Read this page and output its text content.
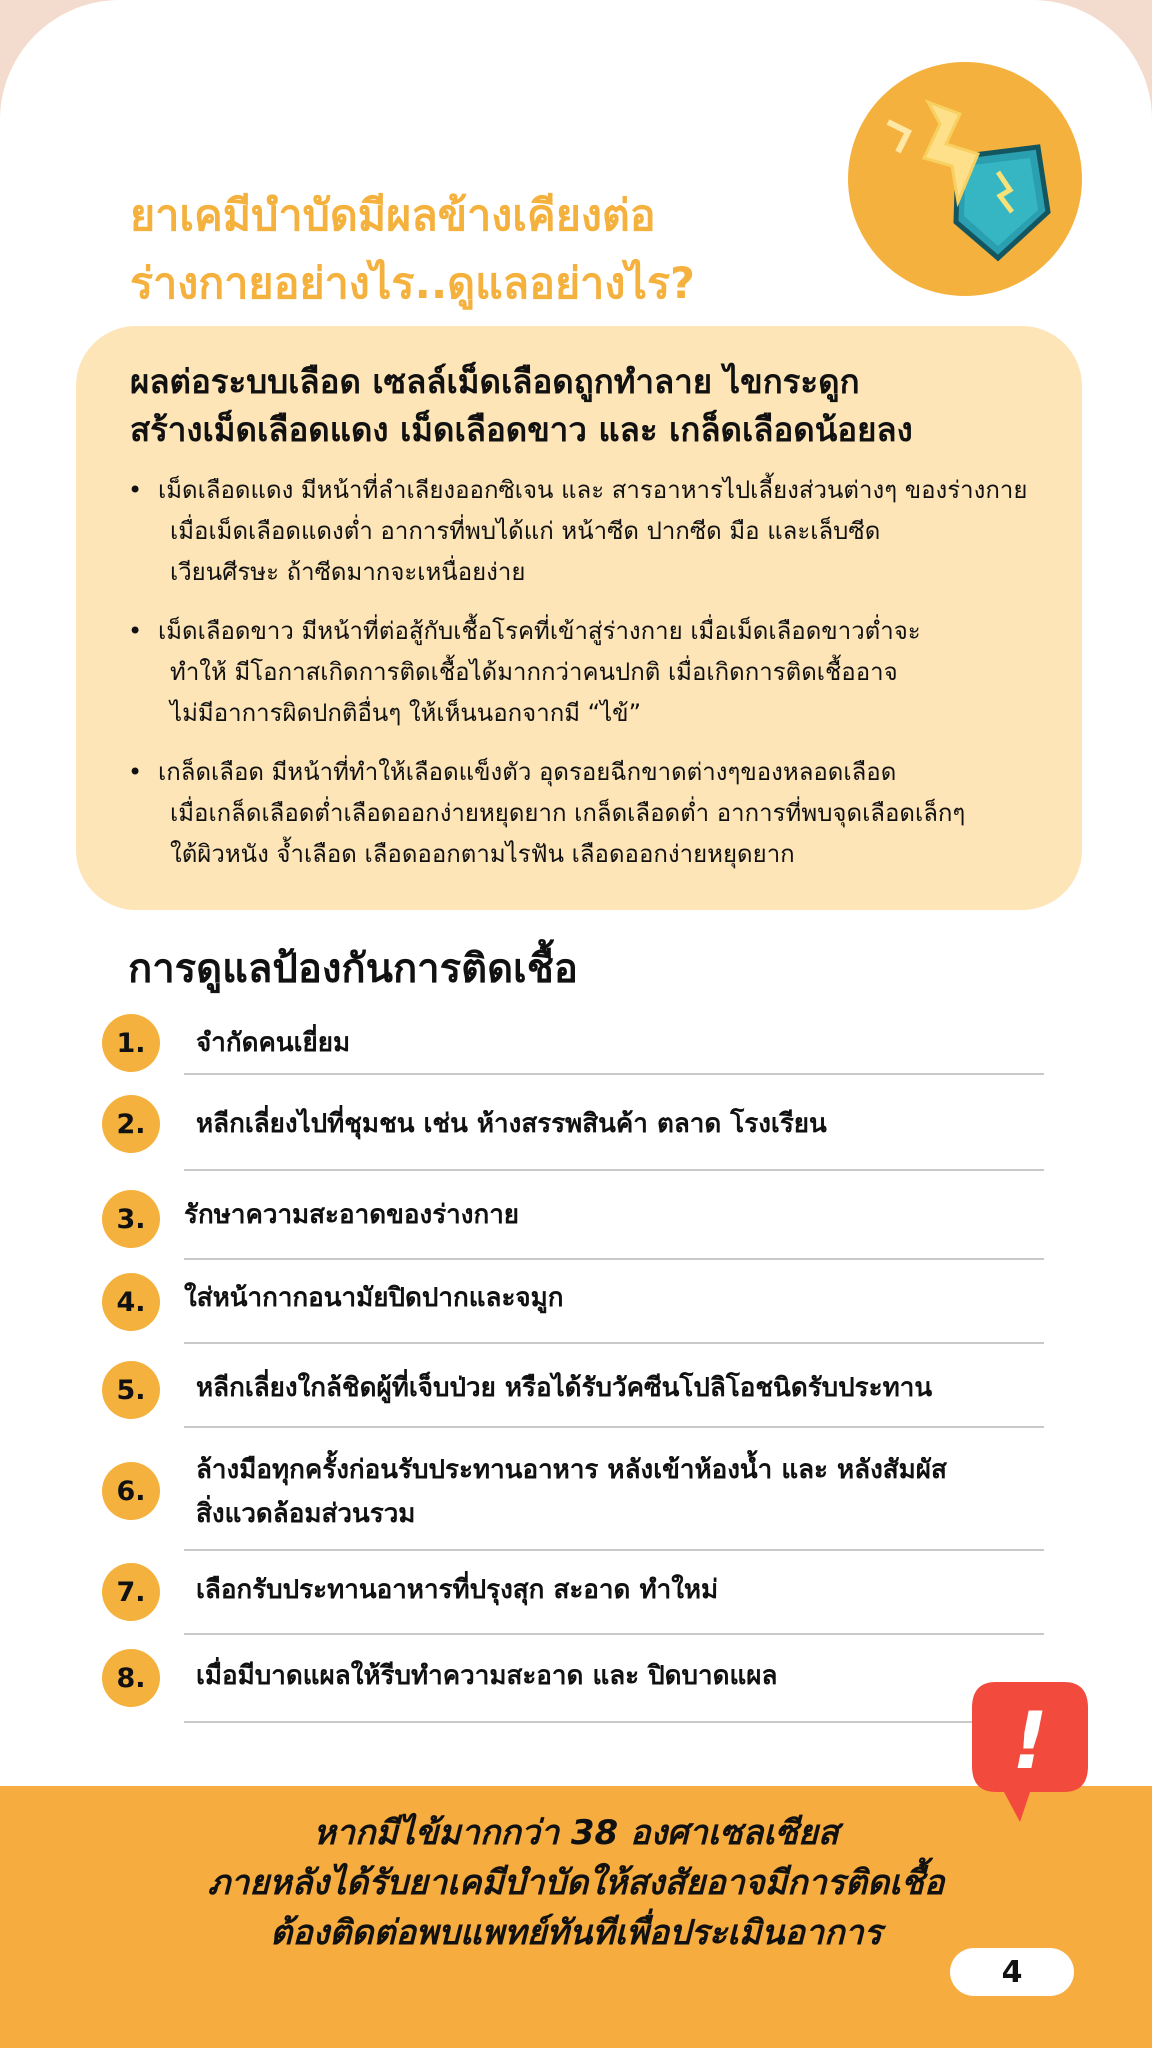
ยาเคมีบำบัดมีผลข้างเคียงต่อ
ร่างกายอย่างไร..ดูแลอย่างไร?
ผลต่อระบบเลือด เซลล์เม็ดเลือดถูกทำลาย ไขกระดูก
สร้างเม็ดเลือดแดง เม็ดเลือดขาว และ เกล็ดเลือดน้อยลง
• เม็ดเลือดแดง มีหน้าที่ลำเลียงออกซิเจน และ สารอาหารไปเลี้ยงส่วนต่างๆ ของร่างกาย
เมื่อเม็ดเลือดแดงต่ำ อาการที่พบได้แก่ หน้าซีด ปากซีด มือ และเล็บซีด
เวียนศีรษะ ถ้าซีดมากจะเหนื่อยง่าย
• เม็ดเลือดขาว มีหน้าที่ต่อสู้กับเชื้อโรคที่เข้าสู่ร่างกาย เมื่อเม็ดเลือดขาวต่ำจะ
ทำให้ มีโอกาสเกิดการติดเชื้อได้มากกว่าคนปกติ เมื่อเกิดการติดเชื้ออาจ
ไม่มีอาการผิดปกติอื่นๆ ให้เห็นนอกจากมี “ไข้”
• เกล็ดเลือด มีหน้าที่ทำให้เลือดแข็งตัว อุดรอยฉีกขาดต่างๆของหลอดเลือด
เมื่อเกล็ดเลือดต่ำเลือดออกง่ายหยุดยาก เกล็ดเลือดต่ำ อาการที่พบจุดเลือดเล็กๆ
ใต้ผิวหนัง จ้ำเลือด เลือดออกตามไรฟัน เลือดออกง่ายหยุดยาก
การดูแลป้องกันการติดเชื้อ
1.	จำกัดคนเยี่ยม
2.	หลีกเลี่ยงไปที่ชุมชน เช่น ห้างสรรพสินค้า ตลาด โรงเรียน
3.	รักษาความสะอาดของร่างกาย
4.	ใส่หน้ากากอนามัยปิดปากและจมูก
5.	หลีกเลี่ยงใกล้ชิดผู้ที่เจ็บป่วย หรือได้รับวัคซีนโปลิโอชนิดรับประทาน
6.
ล้างมือทุกครั้งก่อนรับประทานอาหาร หลังเข้าห้องน้ำ และ หลังสัมผัส
สิ่งแวดล้อมส่วนรวม
7.	เลือกรับประทานอาหารที่ปรุงสุก สะอาด ทำใหม่
8.	เมื่อมีบาดแผลให้รีบทำความสะอาด และ ปิดบาดแผล
หากมีไข้มากกว่า 38 องศาเซลเซียส
ภายหลังได้รับยาเคมีบำบัดให้สงสัยอาจมีการติดเชื้อ
ต้องติดต่อพบแพทย์ทันทีเพื่อประเมินอาการ
!
4
